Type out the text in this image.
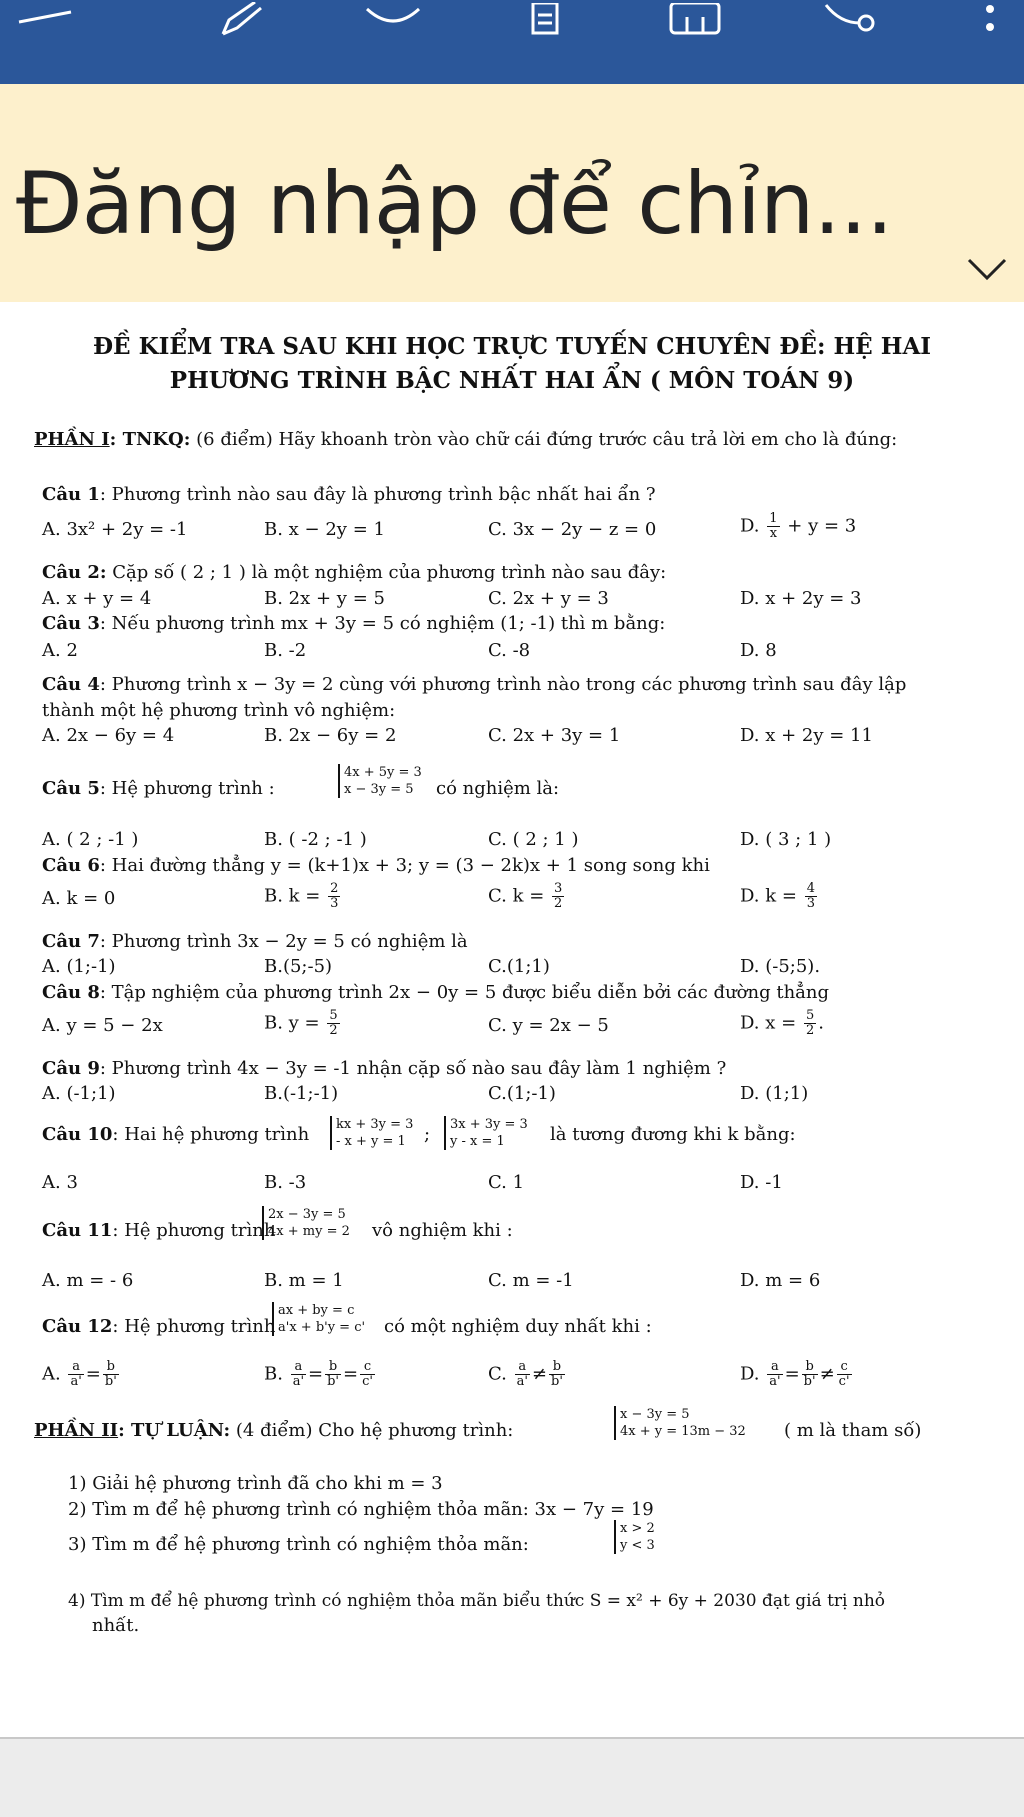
Đăng nhập để chỉn...
ĐỀ KIỂM TRA SAU KHI HỌC TRỰC TUYẾN CHUYÊN ĐỀ: HỆ HAI
PHƯƠNG TRÌNH BẬC NHẤT HAI ẨN ( MÔN TOÁN 9)
PHẦN I: TNKQ: (6 điểm) Hãy khoanh tròn vào chữ cái đứng trước câu trả lời em cho là đúng:
Câu 1: Phương trình nào sau đây là phương trình bậc nhất hai ẩn ?
A. 3x² + 2y = -1	B. x − 2y = 1	C. 3x − 2y − z = 0	D. $\frac{1}{x} + y = 3$
Câu 2: Cặp số ( 2 ; 1 ) là một nghiệm của phương trình nào sau đây:
A. x + y = 4	B. 2x + y = 5	C. 2x + y = 3	D. x + 2y = 3
Câu 3: Nếu phương trình mx + 3y = 5 có nghiệm (1; -1) thì m bằng:
A. 2	B. -2	C. -8	D. 8
Câu 4: Phương trình x − 3y = 2 cùng với phương trình nào trong các phương trình sau đây lập
thành một hệ phương trình vô nghiệm:
A. 2x − 6y = 4	B. 2x − 6y = 2	C. 2x + 3y = 1	D. x + 2y = 11
Câu 5: Hệ phương trình :
4x + 5y = 3
x − 3y = 5	có nghiệm là:
A. ( 2 ; -1 )	B. ( -2 ; -1 )	C. ( 2 ; 1 )	D. ( 3 ; 1 )
Câu 6: Hai đường thẳng y = (k+1)x + 3; y = (3 − 2k)x + 1 song song khi
A. k = 0	B. $k = \frac{2}{3}$	C. $k = \frac{3}{2}$	D. $k = \frac{4}{3}$
Câu 7: Phương trình 3x − 2y = 5 có nghiệm là
A. (1;-1)	B.(5;-5)	C.(1;1)	D. (-5;5).
Câu 8: Tập nghiệm của phương trình 2x − 0y = 5 được biểu diễn bởi các đường thẳng
A. y = 5 − 2x	B. $y = \frac{5}{2}$	C. y = 2x − 5	D. $x = \frac{5}{2}$ .
Câu 9: Phương trình 4x − 3y = -1 nhận cặp số nào sau đây làm 1 nghiệm ?
A. (-1;1)	B.(-1;-1)	C.(1;-1)	D. (1;1)
Câu 10: Hai hệ phương trình kx + 3y = 3
- x + y = 1	; 3x + 3y = 3
y - x = 1	là tương đương khi k bằng:
A. 3	B. -3	C. 1	D. -1
Câu 11: Hệ phương trình
2x − 3y = 5
4x + my = 2 vô nghiệm khi :
A. m = - 6	B. m = 1	C. m = -1	D. m = 6
Câu 12: Hệ phương trình
ax + by = c
a'x + b'y = c' có một nghiệm duy nhất khi :
A. $\frac{a}{a'} = \frac{b}{b'}$	B. $\frac{a}{a'} = \frac{b}{b'} = \frac{c}{c'}$	C. $\frac{a}{a'} \ne \frac{b}{b'}$	D. $\frac{a}{a'} = \frac{b}{b'} \ne \frac{c}{c'}$
PHẦN II: TỰ LUẬN: (4 điểm) Cho hệ phương trình:
x − 3y = 5
4x + y = 13m − 32 ( m là tham số)
1) Giải hệ phương trình đã cho khi m = 3
2) Tìm m để hệ phương trình có nghiệm thỏa mãn: 3x − 7y = 19
3) Tìm m để hệ phương trình có nghiệm thỏa mãn:
x > 2
y < 3
4) Tìm m để hệ phương trình có nghiệm thỏa mãn biểu thức S = x² + 6y + 2030 đạt giá trị nhỏ
nhất.
